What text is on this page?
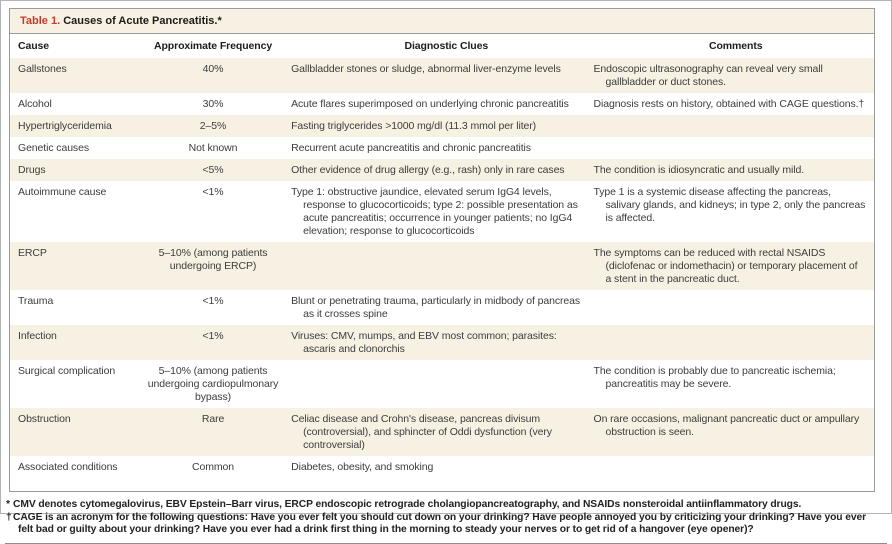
Table 1. Causes of Acute Pancreatitis.*
Cause	Approximate Frequency	Diagnostic Clues	Comments
Gallstones	40%	Gallbladder stones or sludge, abnormal liver-enzyme levels	Endoscopic ultrasonography can reveal very small gallbladder or duct stones.
Alcohol	30%	Acute flares superimposed on underlying chronic pancreatitis	Diagnosis rests on history, obtained with CAGE questions.†
Hypertriglyceridemia	2–5%	Fasting triglycerides >1000 mg/dl (11.3 mmol per liter)	
Genetic causes	Not known	Recurrent acute pancreatitis and chronic pancreatitis	
Drugs	<5%	Other evidence of drug allergy (e.g., rash) only in rare cases	The condition is idiosyncratic and usually mild.
Autoimmune cause	<1%	Type 1: obstructive jaundice, elevated serum IgG4 levels, response to glucocorticoids; type 2: possible presentation as acute pancreatitis; occurrence in younger patients; no IgG4 elevation; response to glucocorticoids	Type 1 is a systemic disease affecting the pancreas, salivary glands, and kidneys; in type 2, only the pancreas is affected.
ERCP	5–10% (among patients undergoing ERCP)		The symptoms can be reduced with rectal NSAIDS (diclofenac or indomethacin) or temporary placement of a stent in the pancreatic duct.
Trauma	<1%	Blunt or penetrating trauma, particularly in midbody of pancreas as it crosses spine	
Infection	<1%	Viruses: CMV, mumps, and EBV most common; parasites: ascaris and clonorchis	
Surgical complication	5–10% (among patients undergoing cardiopulmonary bypass)		The condition is probably due to pancreatic ischemia; pancreatitis may be severe.
Obstruction	Rare	Celiac disease and Crohn's disease, pancreas divisum (controversial), and sphincter of Oddi dysfunction (very controversial)	On rare occasions, malignant pancreatic duct or ampullary obstruction is seen.
Associated conditions	Common	Diabetes, obesity, and smoking	
* CMV denotes cytomegalovirus, EBV Epstein–Barr virus, ERCP endoscopic retrograde cholangiopancreatography, and NSAIDs nonsteroidal antiinflammatory drugs.
†CAGE is an acronym for the following questions: Have you ever felt you should cut down on your drinking? Have people annoyed you by criticizing your drinking? Have you ever felt bad or guilty about your drinking? Have you ever had a drink first thing in the morning to steady your nerves or to get rid of a hangover (eye opener)?
